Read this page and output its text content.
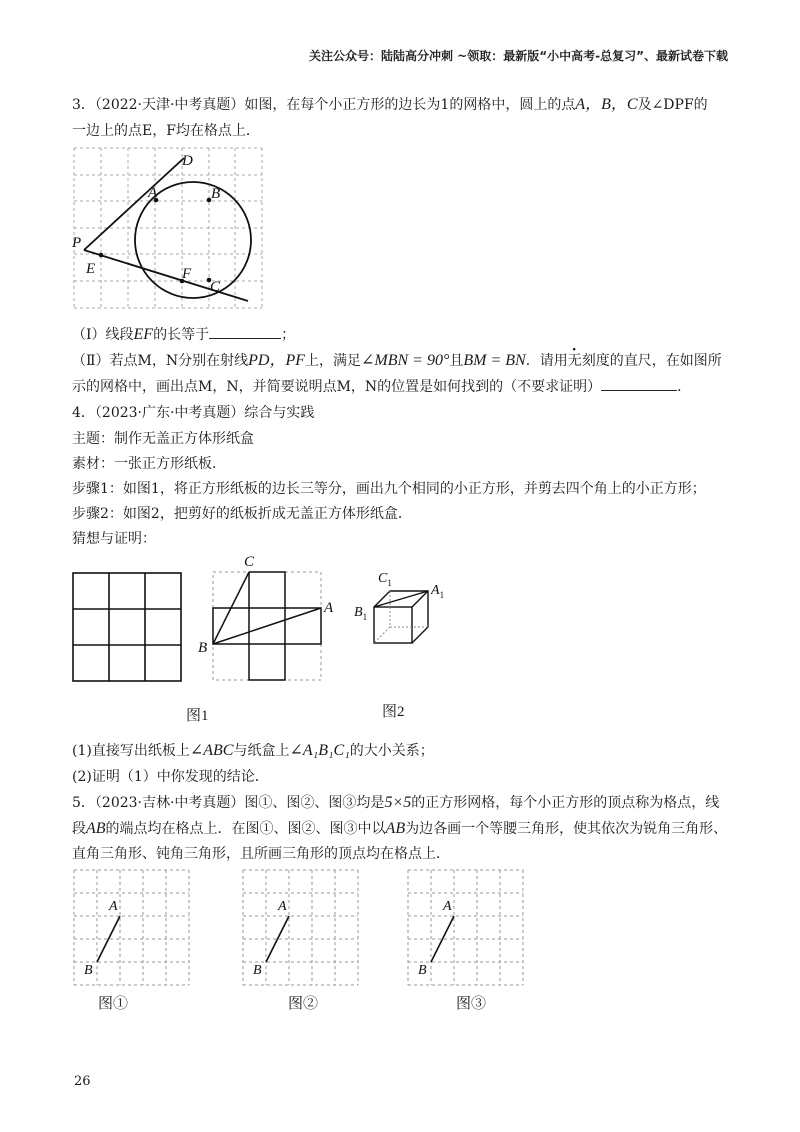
关注公众号：陆陆高分冲刺 ~领取：最新版“小中高考-总复习”、最新试卷下载
3．（2022·天津·中考真题）如图，在每个小正方形的边长为1的网格中，圆上的点A，B，C及∠DPF的
一边上的点E，F均在格点上．
D
A	B
P
E	F
C
（Ⅰ）线段EF的长等于	；
（Ⅱ）若点M，N分别在射线PD，PF上，满足∠MBN = 90°且BM = BN．请用无刻度的直尺，在如图所
示的网格中，画出点M，N，并简要说明点M，N的位置是如何找到的（不要求证明）	．
4．（2023·广东·中考真题）综合与实践
主题：制作无盖正方体形纸盒
素材：一张正方形纸板．
步骤1：如图1，将正方形纸板的边长三等分，画出九个相同的小正方形，并剪去四个角上的小正方形；
步骤2：如图2，把剪好的纸板折成无盖正方体形纸盒．
猜想与证明：
C
A
B
$C_1$	$A_1$
$B_1$
图1	图2
(1)直接写出纸板上∠ABC与纸盒上∠A₁B₁C₁的大小关系；
(2)证明（1）中你发现的结论．
5．（2023·吉林·中考真题）图①、图②、图③均是5×5的正方形网格，每个小正方形的顶点称为格点，线
段AB的端点均在格点上．在图①、图②、图③中以AB为边各画一个等腰三角形，使其依次为锐角三角形、
直角三角形、钝角三角形，且所画三角形的顶点均在格点上．
A
B
A
B
A
B
图①	图②	图③
26
